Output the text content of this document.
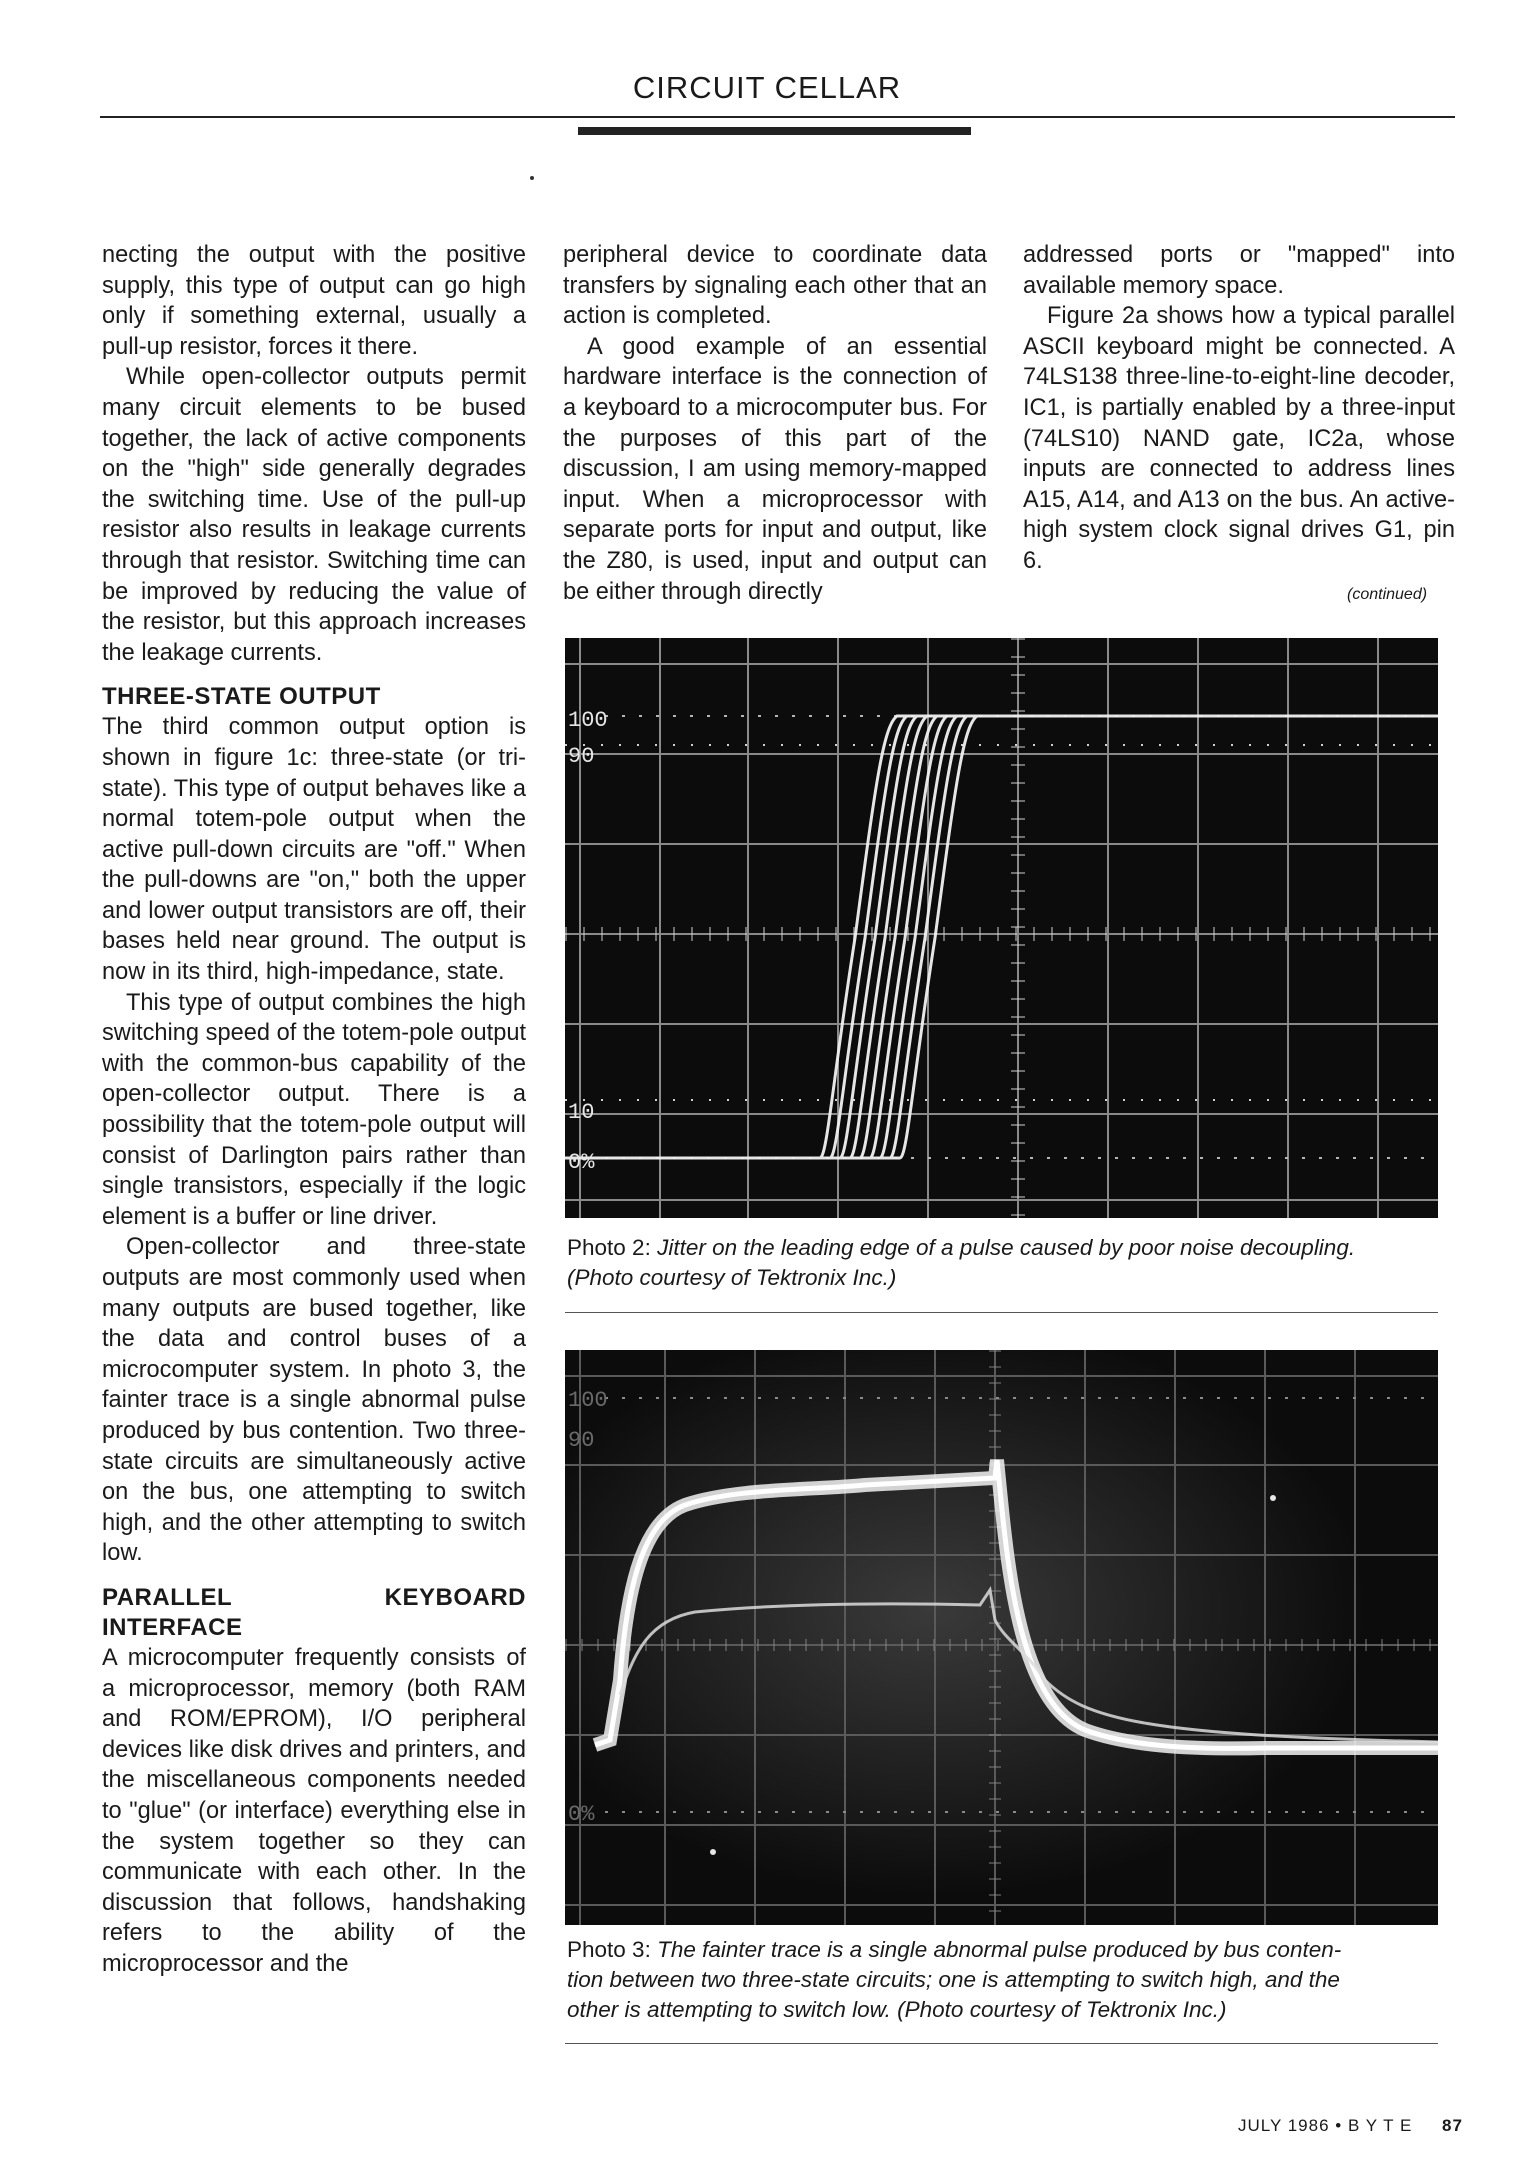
CIRCUIT CELLAR

necting the output with the positive supply, this type of output can go high only if something external, usually a pull-up resistor, forces it there.

While open-collector outputs permit many circuit elements to be bused together, the lack of active components on the "high" side generally degrades the switching time. Use of the pull-up resistor also results in leakage currents through that resistor. Switching time can be improved by reducing the value of the resistor, but this approach increases the leakage currents.

THREE-STATE OUTPUT

The third common output option is shown in figure 1c: three-state (or tri-state). This type of output behaves like a normal totem-pole output when the active pull-down circuits are "off." When the pull-downs are "on," both the upper and lower output transistors are off, their bases held near ground. The output is now in its third, high-impedance, state.

This type of output combines the high switching speed of the totem-pole output with the common-bus capability of the open-collector output. There is a possibility that the totem-pole output will consist of Darlington pairs rather than single transistors, especially if the logic element is a buffer or line driver.

Open-collector and three-state outputs are most commonly used when many outputs are bused together, like the data and control buses of a microcomputer system. In photo 3, the fainter trace is a single abnormal pulse produced by bus contention. Two three-state circuits are simultaneously active on the bus, one attempting to switch high, and the other attempting to switch low.

PARALLEL KEYBOARD INTERFACE

A microcomputer frequently consists of a microprocessor, memory (both RAM and ROM/EPROM), I/O peripheral devices like disk drives and printers, and the miscellaneous components needed to "glue" (or interface) everything else in the system together so they can communicate with each other. In the discussion that follows, handshaking refers to the ability of the microprocessor and the

peripheral device to coordinate data transfers by signaling each other that an action is completed.

A good example of an essential hardware interface is the connection of a keyboard to a microcomputer bus. For the purposes of this part of the discussion, I am using memory-mapped input. When a microprocessor with separate ports for input and output, like the Z80, is used, input and output can be either through directly

addressed ports or "mapped" into available memory space.

Figure 2a shows how a typical parallel ASCII keyboard might be connected. A 74LS138 three-line-to-eight-line decoder, IC1, is partially enabled by a three-input (74LS10) NAND gate, IC2a, whose inputs are connected to address lines A15, A14, and A13 on the bus. An active-high system clock signal drives G1, pin 6.

(continued)
100
90
10
0%
Photo 2: Jitter on the leading edge of a pulse caused by poor noise decoupling.
(Photo courtesy of Tektronix Inc.)
100
90
0%
Photo 3: The fainter trace is a single abnormal pulse produced by bus conten-
tion between two three-state circuits; one is attempting to switch high, and the
other is attempting to switch low. (Photo courtesy of Tektronix Inc.)
JULY 1986 • B Y T E 87
